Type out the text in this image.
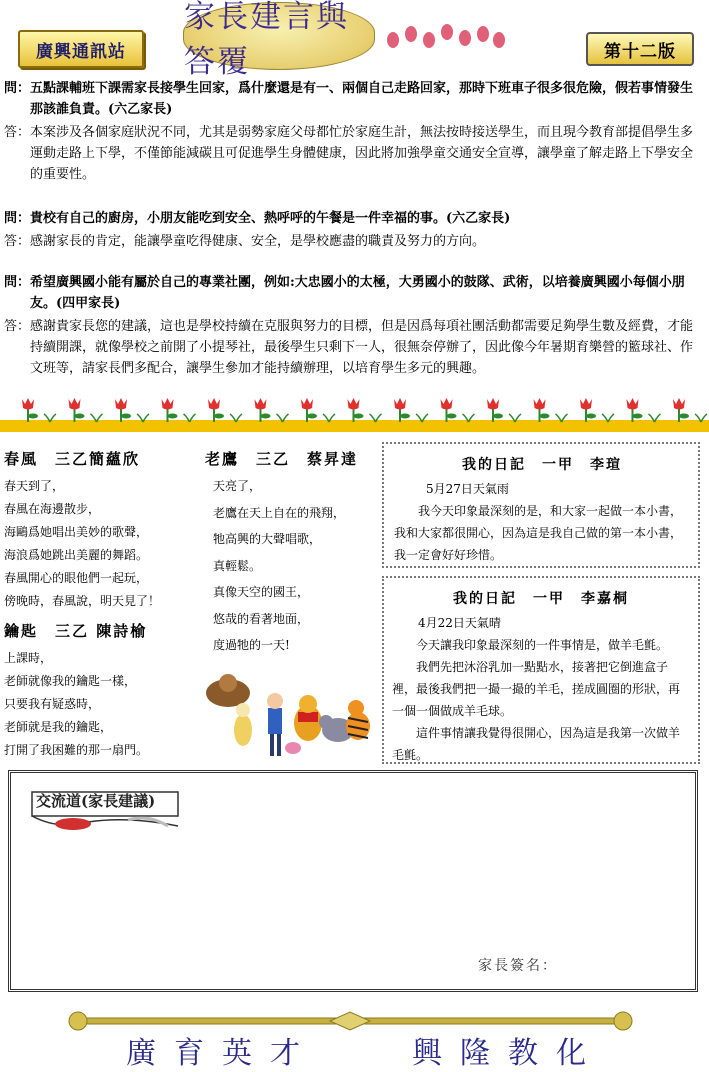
廣興通訊站
家長建言與答覆	第十二版
問： 五點課輔班下課需家長接學生回家，爲什麼還是有一、兩個自己走路回家，那時下班車子很多很危險，假若事情發生那該誰負責。(六乙家長)
答： 本案涉及各個家庭狀況不同，尤其是弱勢家庭父母都忙於家庭生計，無法按時接送學生，而且現今教育部提倡學生多運動走路上下學，不僅節能減碳且可促進學生身體健康，因此將加強學童交通安全宣導，讓學童了解走路上下學安全的重要性。
問： 貴校有自己的廚房，小朋友能吃到安全、熱呼呼的午餐是一件幸福的事。(六乙家長)
答： 感謝家長的肯定，能讓學童吃得健康、安全，是學校應盡的職責及努力的方向。
問： 希望廣興國小能有屬於自己的專業社團，例如:大忠國小的太極，大勇國小的鼓隊、武術，以培養廣興國小每個小朋友。(四甲家長)
答： 感謝貴家長您的建議，這也是學校持續在克服與努力的目標，但是因爲每項社團活動都需要足夠學生數及經費，才能持續開課，就像學校之前開了小提琴社，最後學生只剩下一人，很無奈停辦了，因此像今年暑期育樂營的籃球社、作文班等，請家長們多配合，讓學生參加才能持續辦理，以培育學生多元的興趣。
春風　三乙簡蘊欣
春天到了，
春風在海邊散步，
海鷗爲她唱出美妙的歌聲，
海浪爲她跳出美麗的舞蹈。
春風開心的眼他們一起玩，
傍晚時，春風說，明天見了！
鑰匙　三乙 陳詩榆
上課時，
老師就像我的鑰匙一樣，
只要我有疑惑時，
老師就是我的鑰匙，
打開了我困難的那一扇門。
老鷹　三乙　蔡昇達
天亮了，
老鷹在天上自在的飛翔，
牠高興的大聲唱歌，
真輕鬆。
真像天空的國王，
悠哉的看著地面，
度過牠的一天!
我的日記　一甲　李瑄
5月27日天氣雨
我今天印象最深刻的是，和大家一起做一本小書，我和大家都很開心，因為這是我自己做的第一本小書，我一定會好好珍惜。
我的日記　一甲　李嘉桐
4月22日天氣晴
今天讓我印象最深刻的一件事情是，做羊毛氈。
我們先把沐浴乳加一點點水，接著把它倒進盒子裡，最後我們把一撮一撮的羊毛，搓成圓圈的形狀，再一個一個做成羊毛球。
這件事情讓我覺得很開心，因為這是我第一次做羊毛氈。
交流道(家長建議)
家長簽名：
廣育英才	興隆教化
